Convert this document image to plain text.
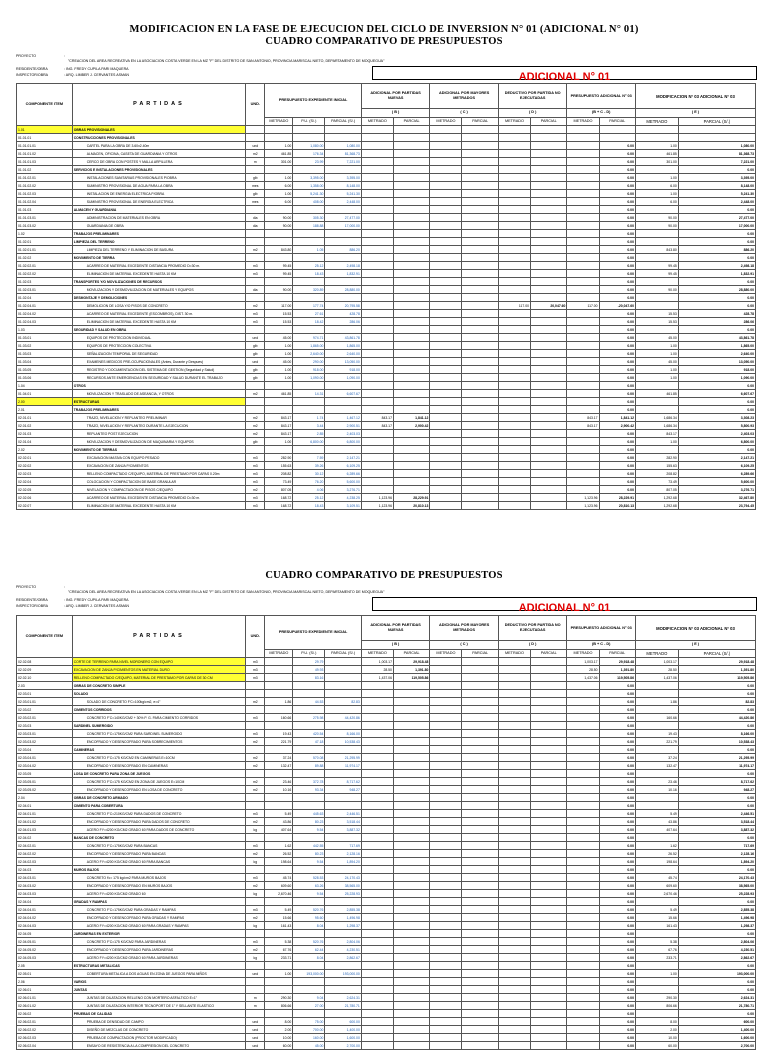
MODIFICACION EN LA FASE DE EJECUCION DEL CICLO DE INVERSION N° 01 (ADICIONAL N° 01)
CUADRO COMPARATIVO DE PRESUPUESTOS
PROYECTO	:
"CREACION DEL AREA RECREATIVA EN LA ASOCIACION COSTA VERDE EN LA MZ "F" DEL DISTRITO DE SAN ANTONIO, PROVINCIA MARISCAL NIETO, DEPARTAMENTO DE MOQUEGUA"
RESIDENTE/OBRA	: ING. FREDY CUPILA PARI MAQUERA
INSPECTOR/OBRA	: ARQ. LIMBER J. CERVANTES ASMAN	ADICIONAL N° 01
COMPONENTE ITEM	PARTIDAS	UND.	PRESUPUESTO EXPEDIENTE INICIAL			ADICIONAL POR PARTIDAS NUEVAS		ADICIONAL POR MAYORES METRADOS		DEDUCTIVO POR PARTIDA NO EJECUTADAS		PRESUPUESTO ADICIONAL N° 03		MODIFICACION N° 03 ADICIONAL N° 03	
						( B )		( C )		( D )		(B + C - D)		( E )	
			METRADO	P.U. (S/.)	PARCIAL (S/.)	METRADO	PARCIAL	METRADO	PARCIAL	METRADO	PARCIAL	METRADO	PARCIAL	METRADO	PARCIAL (S/.)
1.01	OBRAS PROVISIONALES														
01.01.01	CONSTRUCCIONES PROVISIONALES														
01.01.01.01	CARTEL PARA LA OBRA DE 3.60x2.40m	und	1.00	1,080.00	1,080.00								0.00	1.00	1,080.00
01.01.01.02	ALMACEN, OFICINA, CASETA DE GUARDIANIA Y OTROS	m2	461.85	176.34	81,368.73								0.00	461.85	81,368.73
01.01.01.03	CERCO DE OBRA CON POSTES Y MALLA ARPILLERA	m	301.00	23.99	7,221.00								0.00	301.00	7,221.00
01.01.02	SERVICIOS E INSTALACIONES PROVISIONALES												0.00		0.00
01.01.02.01	INSTALACIONES SANITARIAS PROVISIONALES P/OBRA	glb	1.00	3,395.00	3,395.00								0.00	1.00	3,395.00
01.01.02.02	SUMINISTRO PROVISIONAL DE AGUA PARA LA OBRA	mes	6.00	1,358.00	8,148.00								0.00	6.00	8,148.00
01.01.02.03	INSTALACION DE ENERGIA ELECTRICA P/OBRA	glb	1.00	5,241.30	5,241.30								0.00	1.00	5,241.30
01.01.02.04	SUMINISTRO PROVISIONAL DE ENERGIA ELECTRICA	mes	6.00	408.00	2,448.00								0.00	6.00	2,448.00
01.01.03	ALMACEN Y GUARDIANIA												0.00		0.00
01.01.03.01	ADMINISTRACION DE MATERIALES EN OBRA	dia	90.00	305.30	27,477.00								0.00	90.00	27,477.00
01.01.03.02	GUARDIANIA DE OBRA	dia	90.00	188.88	17,000.00								0.00	90.00	17,000.00
1.02	TRABAJOS PRELIMINARES												0.00		0.00
01.02.01	LIMPIEZA DEL TERRENO												0.00		0.00
01.02.01.01	LIMPIEZA DEL TERRENO Y ELIMINACION DE BASURA	m2	843.80	1.05	886.20								0.00	843.80	886.20
01.02.02	MOVIMIENTO DE TIERRA												0.00		0.00
01.02.02.01	ACARREO DE MATERIAL EXCEDENTE DISTANCIA PROMEDIO D=30 m.	m3	99.45	25.12	2,498.18								0.00	99.45	2,498.18
01.02.02.02	ELIMINACION DE MATERIAL EXCEDENTE HASTA 10 KM	m3	99.45	18.43	1,832.91								0.00	99.45	1,832.91
01.02.03	TRANSPORTES Y/O MOVILIZACIONES DE RECURSOS												0.00		0.00
01.02.03.01	MOVILIZACION Y DESMOVILIZACION DE MATERIALES Y EQUIPOS	dia	90.00	320.89	28,880.00								0.00	90.00	28,880.00
01.02.04	DESMONTAJE Y DEMOLICIONES												0.00		0.00
01.02.04.01	DEMOLICION DE LOSA Y/O PISOS DE CONCRETO	m2	117.00	177.74	20,795.58					117.00	20,047.60	117.00	-20,047.60		0.00
01.02.04.02	ACARREO DE MATERIAL EXCEDENTE (ESCOMBROS), DIST. 30 m.	m3	15.53	27.61	428.78								0.00	15.53	428.78
01.02.04.03	ELIMINACION DE MATERIAL EXCEDENTE HASTA 10 KM	m3	15.53	18.42	286.06								0.00	15.53	286.06
1.03	SEGURIDAD Y SALUD EN OBRA												0.00		0.00
01.03.01	EQUIPOS DE PROTECCION INDIVIDUAL	und	45.00	974.71	43,861.78								0.00	45.00	43,861.78
01.03.02	EQUIPOS DE PROTECCION COLECTIVA	glb	1.00	1,865.00	1,865.00								0.00	1.00	1,865.00
01.03.03	SEÑALIZACION TEMPORAL DE SEGURIDAD	glb	1.00	2,640.00	2,640.00								0.00	1.00	2,640.00
01.03.04	EXAMENES MEDICOS PRE-OCUPACIONALES (Antes, Durante y Despues)	und	45.00	290.00	13,050.00								0.00	45.00	13,050.00
01.03.05	REGISTRO Y DOCUMENTACION DEL SISTEMA DE GESTION (Seguridad y Salud)	glb	1.00	918.00	918.00								0.00	1.00	918.00
01.03.06	RECURSOS ANTE EMERGENCIAS EN SEGURIDAD Y SALUD DURANTE EL TRABAJO	glb	1.00	1,090.00	1,090.00								0.00	1.00	1,090.00
1.04	OTROS												0.00		0.00
01.04.01	MOVILIZACION Y TRASLADO DE ASEANCIA, Y OTROS	m2	461.85	14.31	6,607.67								0.00	461.85	6,607.67
2.00	ESTRUCTURAS												0.00		0.00
2.01	TRABAJOS PRELIMINARES												0.00		0.00
02.01.01	TRAZO, NIVELACION Y REPLANTEO PRELIMINAR	m2	843.17	1.74	1,467.12	843.17	1,841.12					843.17	1,841.12	1,686.34	3,308.23
02.01.02	TRAZO, NIVELACION Y REPLANTEO DURANTE LA EJECUCION	m2	843.17	3.44	2,900.51	843.17	2,900.42					843.17	2,900.42	1,686.34	5,800.93
02.01.03	REPLANTEO POST EJECUCION	m2	843.17	2.85	2,403.03								0.00	843.17	2,403.03
02.01.04	MOVILIZACION Y DESMOVILIZACION DE MAQUINARIA Y EQUIPOS	glb	1.00	6,800.00	6,800.00								0.00	1.00	6,800.00
2.02	MOVIMIENTO DE TIERRAS												0.00		0.00
02.02.01	EXCAVACION MASIVA CON EQUIPO PESADO	m3	282.90	7.59	2,147.21								0.00	282.90	2,147.21
02.02.02	EXCAVACION DE ZANJA P/CIMIENTOS	m3	155.63	39.26	6,109.25								0.00	155.63	6,109.25
02.02.03	RELLENO COMPACTADO C/EQUIPO, MATERIAL DE PRESTAMO POR CAPAS 0.20m	m3	208.82	30.12	6,289.66								0.00	208.82	6,289.66
02.02.04	COLOCACION Y COMPACTACION DE BASE GRANULAR	m3	73.49	76.20	5,600.00								0.00	73.49	5,600.00
02.02.05	NIVELACION Y COMPACTACION DE PISOS C/EQUIPO	m2	807.05	4.06	3,276.71								0.00	807.05	3,276.71
02.02.06	ACARREO DE MATERIAL EXCEDENTE DISTANCIA PROMEDIO D=30 m.	m3	168.72	25.12	4,238.25	1,123.96	28,229.91					1,123.96	28,229.91	1,292.68	32,467.80
02.02.07	ELIMINACION DE MATERIAL EXCEDENTE HASTA 10 KM	m3	168.72	18.43	3,109.51	1,123.96	20,810.13					1,123.96	20,810.13	1,292.68	23,794.45
CUADRO COMPARATIVO DE PRESUPUESTOS
PROYECTO	:
"CREACION DEL AREA RECREATIVA EN LA ASOCIACION COSTA VERDE EN LA MZ "F" DEL DISTRITO DE SAN ANTONIO, PROVINCIA MARISCAL NIETO, DEPARTAMENTO DE MOQUEGUA"
RESIDENTE/OBRA	: ING. FREDY CUPILA PARI MAQUERA
INSPECTOR/OBRA	: ARQ. LIMBER J. CERVANTES ASMAN	ADICIONAL N° 01
COMPONENTE ITEM	PARTIDAS	UND.	PRESUPUESTO EXPEDIENTE INICIAL			ADICIONAL POR PARTIDAS NUEVAS		ADICIONAL POR MAYORES METRADOS		DEDUCTIVO POR PARTIDA NO EJECUTADAS		PRESUPUESTO ADICIONAL N° 03		MODIFICACION N° 03 ADICIONAL N° 03	
						( B )		( C )		( D )		(B + C - D)		( E )	
			METRADO	P.U. (S/.)	PARCIAL (S/.)	METRADO	PARCIAL	METRADO	PARCIAL	METRADO	PARCIAL	METRADO	PARCIAL	METRADO	PARCIAL (S/.)
02.02.08	CORTE DE TERRENO PARA NIVEL MORONERO CON EQUIPO	m3		29.79		1,003.17	29,918.48					1,003.17	29,918.48	1,003.17	29,918.48
02.02.09	EXCAVACION DE ZANJA P/CIMIENTOS EN MATERIAL DURO	m3		49.93		28.50	1,391.80					28.50	1,391.80	28.50	1,391.80
02.02.10	RELLENO COMPACTADO C/EQUIPO, MATERIAL DE PRESTAMO POR CAPAS DE 30 CM	m3		83.16		1,437.06	119,505.86					1,437.06	119,505.86	1,437.06	119,505.86
2.03	OBRAS DE CONCRETO SIMPLE												0.00		0.00
02.03.01	SOLADO												0.00		0.00
02.03.01.01	SOLADO DE CONCRETO F'C=100kg/cm2, e=4"	m2	1.86	44.53	82.83								0.00	1.86	82.83
02.03.02	CIMIENTOS CORRIDOS												0.00		0.00
02.03.02.01	CONCRETO F'C=140KG/CM2 + 30% P. G. PARA CIMIENTO CORRIDOS	m3	160.66	275.98	44,420.86								0.00	160.66	44,420.86
02.03.03	SARDINEL SUMERGIDO												0.00		0.00
02.03.03.01	CONCRETO F'C=175KG/CM2 PARA SARDINEL SUMERGIDO	m3	19.43	420.54	8,166.00								0.00	19.43	8,166.00
02.03.03.02	ENCOFRADO Y DESENCOFRADO PARA SOBRECIMIENTOS	m2	221.79	47.18	10,538.43								0.00	221.79	10,538.43
02.03.04	CAMINERAS												0.00		0.00
02.03.04.01	CONCRETO F'C=175 KG/CM2 EN CAMINERAS E=10CM	m2	37.24	570.08	21,295.99								0.00	37.24	21,295.99
02.03.04.02	ENCOFRADO Y DESENCOFRADO EN CAMINERAS	m2	132.47	89.88	11,974.17								0.00	132.47	11,974.17
02.03.05	LOSA DE CONCRETO PARA ZONA DE JUEGOS												0.00		0.00
02.03.05.01	CONCRETO F'C=175 KG/CM2 EN ZONA DE JUEGOS E=10CM	m2	23.46	372.78	8,717.62								0.00	23.46	8,717.62
02.03.05.02	ENCOFRADO Y DESENCOFRADO EN LOSA DE CONCRETO	m2	10.16	93.34	948.27								0.00	10.16	948.27
2.04	OBRAS DE CONCRETO ARMADO												0.00		0.00
02.04.01	CIMIENTO PARA COBERTURA												0.00		0.00
02.04.01.01	CONCRETO F'C=210KG/CM2 PARA DADOS DE CONCRETO	m3	5.49	445.63	2,446.51								0.00	5.49	2,446.51
02.04.01.02	ENCOFRADO Y DESENCOFRADO PARA DADOS DE CONCRETO	m2	43.86	80.23	3,518.44								0.00	43.86	3,518.44
02.04.01.03	ACERO FY=4200 KG/CM2 GRADO 60 PARA DADOS DE CONCRETO	kg	407.64	9.54	3,887.32								0.00	407.64	3,887.32
02.04.02	BANCAS DE CONCRETO												0.00		0.00
02.04.02.01	CONCRETO F'C=175KG/CM2 PARA BANCAS	m3	1.62	442.55	717.69								0.00	1.62	717.69
02.04.02.02	ENCOFRADO Y DESENCOFRADO PARA BANCAS	m2	26.52	80.23	2,128.16								0.00	26.52	2,128.16
02.04.02.03	ACERO FY=4200 KG/CM2 GRADO 60 PARA BANCAS	kg	198.64	9.54	1,894.20								0.00	198.64	1,894.20
02.04.03	MUROS BAJOS												0.00		0.00
02.04.03.01	CONCRETO f'c= 175 kg/cm2 PARA MUROS BAJOS	m3	45.74	528.53	24,170.43								0.00	45.74	24,170.43
02.04.03.02	ENCOFRADO Y DESENCOFRADO EN MUROS BAJOS	m2	609.60	63.26	38,565.00								0.00	609.60	38,565.00
02.04.03.03	ACERO FY=4200 KG/CM2 GRADO 60	kg	2,670.46	9.54	25,228.93								0.00	2,670.46	25,228.93
02.04.04	GRADAS Y RAMPAS												0.00		0.00
02.04.04.01	CONCRETO F'C=175KG/CM2 PARA GRADAS Y RAMPAS	m3	5.49	520.76	2,855.38								0.00	5.49	2,855.38
02.04.04.02	ENCOFRADO Y DESENCOFRADO PARA GRADAS Y RAMPAS	m2	15.66	95.60	1,496.98								0.00	15.66	1,496.98
02.04.04.03	ACERO FY=4200 KG/CM2 GRADO 60 PARA GRADAS Y RAMPAS	kg	161.43	8.04	1,298.37								0.00	161.43	1,298.37
02.04.05	JARDINERAS EN EXTERIOR												0.00		0.00
02.04.05.01	CONCRETO F'C=175 KG/CM2 PARA JARDINERAS	m3	5.38	520.76	2,804.06								0.00	5.38	2,804.06
02.04.05.02	ENCOFRADO Y DESENCOFRADO PARA JARDINERAS	m2	67.76	62.44	4,230.51								0.00	67.76	4,230.51
02.04.05.03	ACERO FY=4200 KG/CM2 GRADO 60 PARA JARDINERAS	kg	233.71	8.04	2,862.67								0.00	233.71	2,862.67
2.05	ESTRUCTURAS METALICAS												0.00		0.00
02.05.01	COBERTURA METALICA A DOS AGUAS EN ZONA DE JUEGOS PARA NIÑOS	und	1.00	193,000.00	193,000.00								0.00	1.00	193,000.00
2.06	VARIOS												0.00		0.00
02.06.01	JUNTAS												0.00		0.00
02.06.01.01	JUNTAS DE DILATACION RELLENO CON MORTERO ASFALTICO E=1"	m	290.30	9.04	2,624.31								0.00	290.30	2,624.31
02.06.01.02	JUNTAS DE DILATACION INTERIOR TECNOPORT DE 1" Y SELLANTE ELASTICO	m	806.66	27.00	21,780.71								0.00	806.66	21,780.71
02.06.02	PRUEBAS DE CALIDAD												0.00		0.00
02.06.02.01	PRUEBA DE DENSIDAD DE CAMPO	und	8.00	75.00	600.00								0.00	8.00	600.00
02.06.02.02	DISEÑO DE MEZCLAS DE CONCRETO	und	2.00	700.00	1,400.00								0.00	2.00	1,400.00
02.06.02.03	PRUEBA DE COMPACTACION (PROCTOR MODIFICADO)	und	10.00	160.00	1,600.00								0.00	10.00	1,600.00
02.06.02.04	ENSAYO DE RESISTENCIA A LA COMPRESION DEL CONCRETO	und	60.00	45.00	2,700.00								0.00	60.00	2,700.00
